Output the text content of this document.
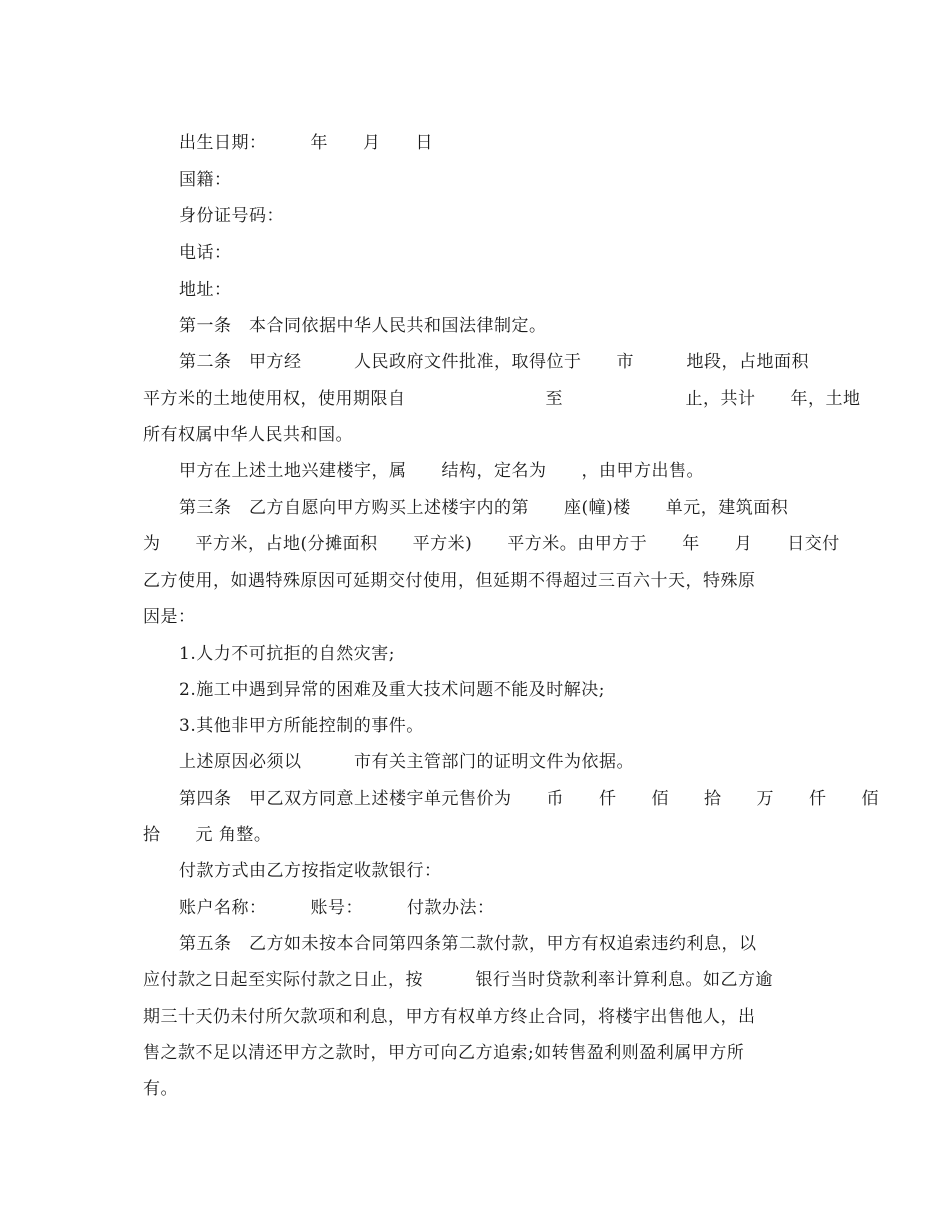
出生日期：　　　年　　月　　日
国籍：
身份证号码：
电话：
地址：
第一条　本合同依据中华人民共和国法律制定。
第二条　甲方经　　　人民政府文件批准，取得位于　　市　　　地段，占地面积
平方米的土地使用权，使用期限自　　　　　　　　至　　　　　　　止，共计　　年，土地
所有权属中华人民共和国。
甲方在上述土地兴建楼宇，属　　结构，定名为　　，由甲方出售。
第三条　乙方自愿向甲方购买上述楼宇内的第　　座(幢)楼　　单元，建筑面积
为　　平方米，占地(分摊面积　　平方米)　　平方米。由甲方于　　年　　月　　日交付
乙方使用，如遇特殊原因可延期交付使用，但延期不得超过三百六十天，特殊原
因是：
1.人力不可抗拒的自然灾害;
2.施工中遇到异常的困难及重大技术问题不能及时解决;
3.其他非甲方所能控制的事件。
上述原因必须以　　　市有关主管部门的证明文件为依据。
第四条　甲乙双方同意上述楼宇单元售价为　　币　　仟　　佰　　拾　　万　　仟　　佰
拾　　元 角整。
付款方式由乙方按指定收款银行：
账户名称：　　　账号：　　　付款办法：
第五条　乙方如未按本合同第四条第二款付款，甲方有权追索违约利息，以
应付款之日起至实际付款之日止，按　　　银行当时贷款利率计算利息。如乙方逾
期三十天仍未付所欠款项和利息，甲方有权单方终止合同，将楼宇出售他人，出
售之款不足以清还甲方之款时，甲方可向乙方追索;如转售盈利则盈利属甲方所
有。
